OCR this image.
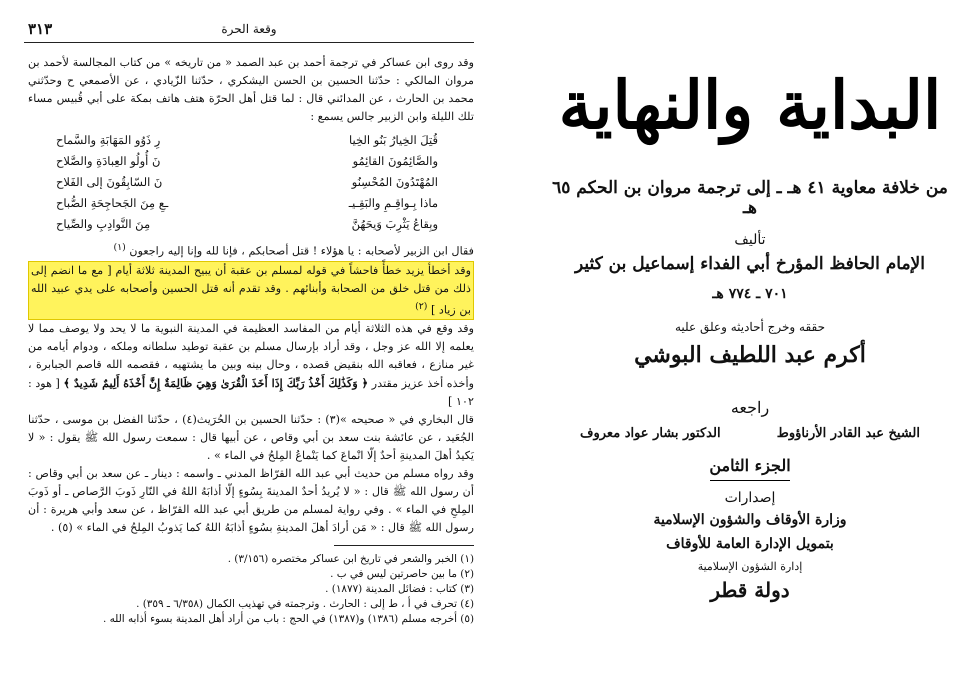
٣١٣	وقعة الحرة

وقد روى ابن عساكر في ترجمة أحمد بن عبد الصمد « من تاريخه » من كتاب المجالسة لأحمد بن مروان المالكي : حدّثنا الحسين بن الحسن اليشكري ، حدّثنا الزّيادي ، عن الأصمعي ح وحدّثني محمد بن الحارث ، عن المدائني قال : لما قتل أهل الحرّة هتف هاتف بمكة على أبي قُبيس مساء تلك الليلة وابن الزبير جالس يسمع :

قُتِلَ الخِيارُ بَنُو الخِيا
رِ ذَوُو المَهَابَةِ والسَّماح
والصَّائِمُونَ القائِمُو
نَ أُولُو العِبادَةِ والصَّلاح
المُهْتَدُونَ المُحْسِنُو
نَ السّابِقُونَ إلى الفَلاح
ماذا بِـواقِـمِ والبَقِـيـ
ـعِ مِنَ الجَحاجِحَةِ الصُّباح
وبِقاعُ يَثْرِبَ وَيحَهُنَّ
مِنَ النَّوادِبِ والصِّياح

فقال ابن الزبير لأصحابه : يا هؤلاء ! قتل أصحابكم ، فإنا لله وإنا إليه راجعون $^{(١)}$

وقد أخطأ يزيد خطأً فاحشاً في قوله لمسلم بن عقبة أن يبيح المدينة ثلاثة أيام [ مع ما انضم إلى ذلك من قتل خلق من الصحابة وأبنائهم . وقد تقدم أنه قتل الحسين وأصحابه على يدي عبيد الله بن زياد ] $^{(٢)}$

وقد وقع في هذه الثلاثة أيام من المفاسد العظيمة في المدينة النبوية ما لا يحد ولا يوصف مما لا يعلمه إلا الله عز وجل ، وقد أراد بإرسال مسلم بن عقبة توطيد سلطانه وملكه ، ودوام أيامه من غير منازع ، فعاقبه الله بنقيض قصده ، وحال بينه وبين ما يشتهيه ، فقصمه الله قاصم الجبابرة ، وأخذه أخذ عزيز مقتدر ﴿ وَكَذَٰلِكَ أَخْذُ رَبِّكَ إِذَا أَخَذَ الْقُرَىٰ وَهِيَ ظَالِمَةٌ إِنَّ أَخْذَهُ أَلِيمٌ شَدِيدٌ ﴾ [ هود : ١٠٢ ]

قال البخاري في « صحيحه »(٣) : حدّثنا الحسين بن الحُرَيث(٤) ، حدّثنا الفضل بن موسى ، حدّثنا الجُعَيد ، عن عائشة بنت سعد بن أبي وقاص ، عن أبيها قال : سمعت رسول الله ﷺ يقول : « لا يَكيدُ أهلَ المدينةِ أحدٌ إلّا انْماعَ كما يَنْماعُ المِلحُ في الماء » .

وقد رواه مسلم من حديث أبي عبد الله القرّاظ المدني ـ واسمه : دينار ـ عن سعد بن أبي وقاص : أن رسول الله ﷺ قال : « لا يُريدُ أحدٌ المدينةَ بِسُوءٍ إلّا أذابَهُ اللهُ في النّارِ ذَوبَ الرَّصاص ـ أو ذَوبَ المِلحِ في الماء » . وفي رواية لمسلم من طريق أبي عبد الله القرّاظ ، عن سعد وأبي هريرة : أن رسول الله ﷺ قال : « مَن أرادَ أهلَ المدينةِ بسُوءٍ أذابَهُ اللهُ كما يَذوبُ المِلحُ في الماء » (٥) .

(١) الخبر والشعر في تاريخ ابن عساكر مختصره (٣/١٥٦) .
(٢) ما بين حاصرتين ليس في ب .
(٣) كتاب : فضائل المدينة (١٨٧٧) .
(٤) تحرف في أ ، ط إلى : الحارث . وترجمته في تهذيب الكمال (٦/٣٥٨ ـ ٣٥٩) .
(٥) أخرجه مسلم (١٣٨٦) و(١٣٨٧) في الحج : باب من أراد أهل المدينة بسوء أذابه الله .
البداية والنهاية
من خلافة معاوية ٤١ هـ ـ إلى ترجمة مروان بن الحكم ٦٥ هـ
تأليف
الإمام الحافظ المؤرخ أبي الفداء إسماعيل بن كثير
٧٠١ ـ ٧٧٤ هـ
حققه وخرج أحاديثه وعلق عليه
أكرم عبد اللطيف البوشي
راجعه
الشيخ عبد القادر الأرناؤوط
الدكتور بشار عواد معروف
الجزء الثامن
إصدارات
وزارة الأوقاف والشؤون الإسلامية
بتمويل الإدارة العامة للأوقاف
إدارة الشؤون الإسلامية
دولة قطر
